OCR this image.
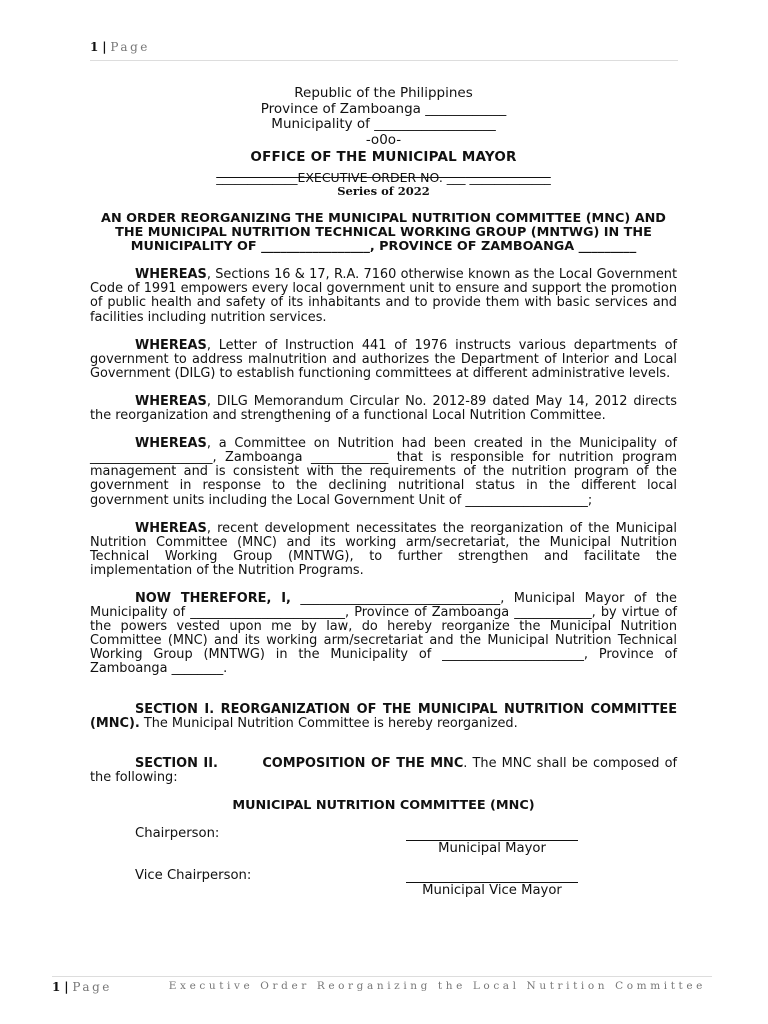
1 | Page
Republic of the Philippines
Province of Zamboanga ____________
Municipality of __________________
-o0o-
OFFICE OF THE MUNICIPAL MAYOR
_____________EXECUTIVE ORDER NO. ___ _____________
Series of 2022
AN ORDER REORGANIZING THE MUNICIPAL NUTRITION COMMITTEE (MNC) AND THE MUNICIPAL NUTRITION TECHNICAL WORKING GROUP (MNTWG) IN THE MUNICIPALITY OF _________________, PROVINCE OF ZAMBOANGA _________
WHEREAS, Sections 16 & 17, R.A. 7160 otherwise known as the Local Government Code of 1991 empowers every local government unit to ensure and support the promotion of public health and safety of its inhabitants and to provide them with basic services and facilities including nutrition services.
WHEREAS, Letter of Instruction 441 of 1976 instructs various departments of government to address malnutrition and authorizes the Department of Interior and Local Government (DILG) to establish functioning committees at different administrative levels.
WHEREAS, DILG Memorandum Circular No. 2012-89 dated May 14, 2012 directs the reorganization and strengthening of a functional Local Nutrition Committee.
WHEREAS, a Committee on Nutrition had been created in the Municipality of ___________________, Zamboanga ____________ that is responsible for nutrition program management and is consistent with the requirements of the nutrition program of the government in response to the declining nutritional status in the different local government units including the Local Government Unit of ___________________;
WHEREAS, recent development necessitates the reorganization of the Municipal Nutrition Committee (MNC) and its working arm/secretariat, the Municipal Nutrition Technical Working Group (MNTWG), to further strengthen and facilitate the implementation of the Nutrition Programs.
NOW THEREFORE, I, _______________________________, Municipal Mayor of the Municipality of ________________________, Province of Zamboanga ____________, by virtue of the powers vested upon me by law, do hereby reorganize the Municipal Nutrition Committee (MNC) and its working arm/secretariat and the Municipal Nutrition Technical Working Group (MNTWG) in the Municipality of ______________________, Province of Zamboanga ________.
SECTION I. REORGANIZATION OF THE MUNICIPAL NUTRITION COMMITTEE (MNC). The Municipal Nutrition Committee is hereby reorganized.
SECTION II.        COMPOSITION OF THE MNC. The MNC shall be composed of the following:
MUNICIPAL NUTRITION COMMITTEE (MNC)
Chairperson:
Municipal Mayor
Vice Chairperson:
Municipal Vice Mayor
1 | Page	Executive Order Reorganizing the Local Nutrition Committee
